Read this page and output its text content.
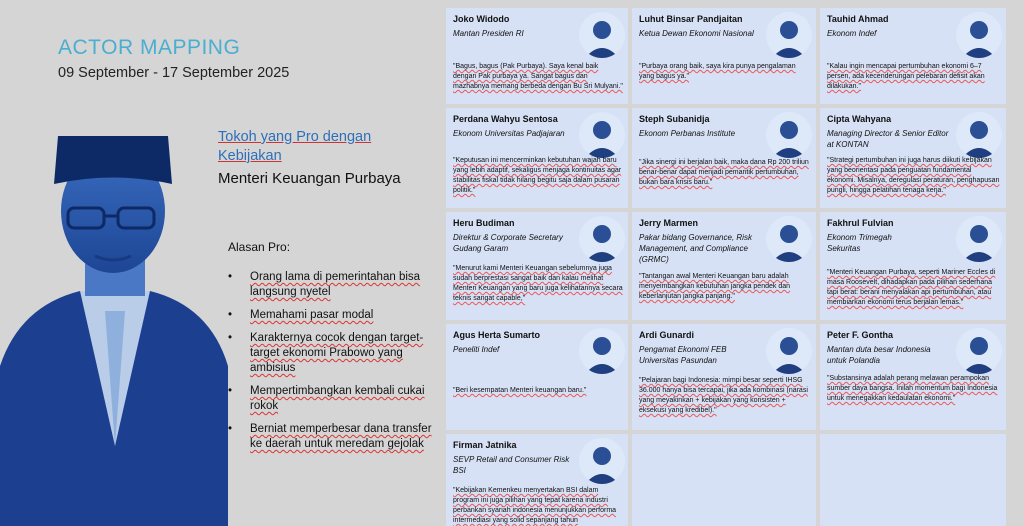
ACTOR MAPPING
09 September - 17 September 2025
Tokoh yang Pro dengan Kebijakan
Menteri Keuangan Purbaya
Alasan Pro:
• Orang lama di pemerintahan bisa langsung nyetel
• Memahami pasar modal
• Karakternya cocok dengan target-target ekonomi Prabowo yang ambisius
• Mempertimbangkan kembali cukai rokok
• Berniat memperbesar dana transfer ke daerah untuk meredam gejolak
Joko Widodo
Mantan Presiden RI
"Bagus, bagus (Pak Purbaya). Saya kenal baik dengan Pak purbaya ya. Sangat bagus dan mazhabnya memang berbeda dengan Bu Sri Mulyani."
Luhut Binsar Pandjaitan
Ketua Dewan Ekonomi Nasional
"Purbaya orang baik, saya kira punya pengalaman yang bagus ya."
Tauhid Ahmad
Ekonom Indef
"Kalau ingin mencapai pertumbuhan ekonomi 6–7 persen, ada kecenderungan pelebaran defisit akan dilakukan."
Perdana Wahyu Sentosa
Ekonom Universitas Padjajaran
"Keputusan ini mencerminkan kebutuhan wajah baru yang lebih adaptif, sekaligus menjaga kontinuitas agar stabilitas fiskal tidak hilang begitu saja dalam pusaran politik."
Steph Subanidja
Ekonom Perbanas Institute
"Jika sinergi ini berjalan baik, maka dana Rp 200 triliun benar-benar dapat menjadi pemantik pertumbuhan, bukan bara krisis baru."
Cipta Wahyana
Managing Director & Senior Editor at KONTAN
"Strategi pertumbuhan ini juga harus diikuti kebijakan yang beorientasi pada penguatan fundamental ekonomi. Misalnya, deregulasi peraturan, penghapusan pungli, hingga pelatihan tenaga kerja."
Heru Budiman
Direktur & Corporate Secretary Gudang Garam
"Menurut kami Menteri Keuangan sebelumnya juga sudah berprestasi sangat baik dan kalau melihat Menteri Keuangan yang baru juga kelihatannya secara teknis sangat capable,"
Jerry Marmen
Pakar bidang Governance, Risk Management, and Compliance (GRMC)
"Tantangan awal Menteri Keuangan baru adalah menyeimbangkan kebutuhan jangka pendek dan keberlanjutan jangka panjang."
Fakhrul Fulvian
Ekonom Trimegah Sekuritas
"Menteri Keuangan Purbaya, seperti Mariner Eccles di masa Roosevelt, dihadapkan pada pilihan sederhana tapi berat: berani menyalakan api pertumbuhan, atau membiarkan ekonomi terus berjalan lemas."
Agus Herta Sumarto
Peneliti Indef
"Beri kesempatan Menteri keuangan baru."
Ardi Gunardi
Pengamat Ekonomi FEB Universitas Pasundan
"Pelajaran bagi Indonesia: mimpi besar seperti IHSG 36.000 hanya bisa tercapai, jika ada kombinasi (narasi yang meyakinkan + kebijakan yang konsisten + eksekusi yang kredibel)."
Peter F. Gontha
Mantan duta besar Indonesia untuk Polandia
"Substansinya adalah perang melawan perampokan sumber daya bangsa. Inilah momentum bagi Indonesia untuk menegakkan kedaulatan ekonomi."
Firman Jatnika
SEVP Retail and Consumer Risk BSI
"Kebijakan Kemenkeu menyertakan BSI dalam program ini juga pilihan yang tepat karena industri perbankan syariah indonesia menunjukkan performa intermediasi yang solid sepanjang tahun
